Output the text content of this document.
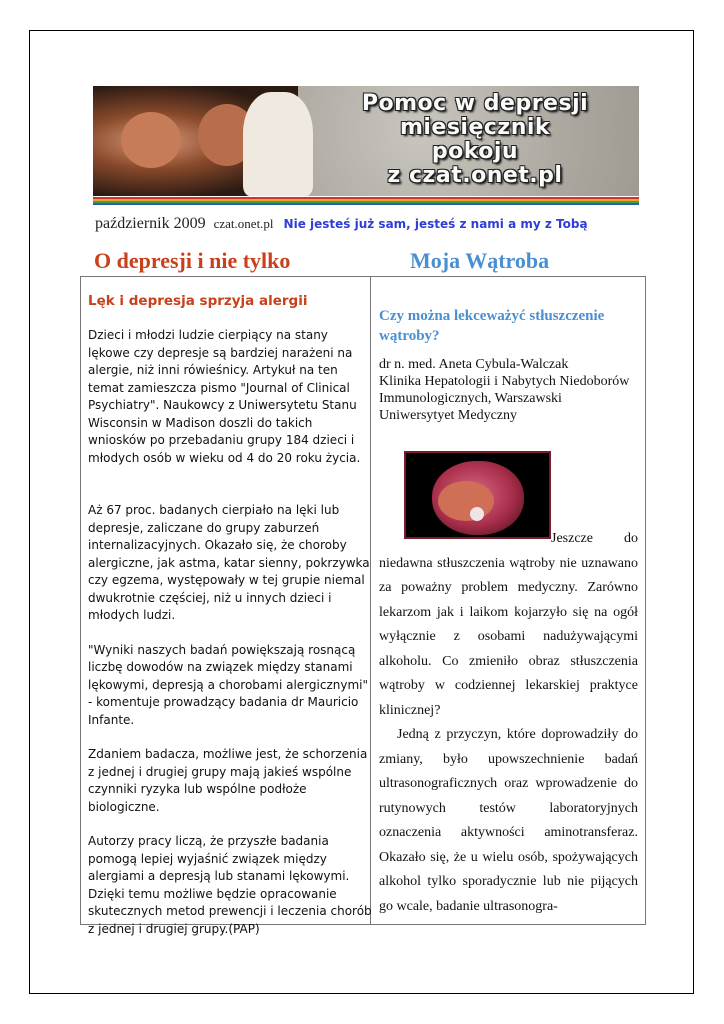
Pomoc w depresji
miesięcznik
pokoju
z czat.onet.pl
październik 2009 czat.onet.pl Nie jesteś już sam, jesteś z nami a my z Tobą
O depresji i nie tylko	Moja Wątroba
Lęk i depresja sprzyja alergii

Dzieci i młodzi ludzie cierpiący na stany lękowe czy depresje są bardziej narażeni na alergie, niż inni rówieśnicy. Artykuł na ten temat zamieszcza pismo "Journal of Clinical Psychiatry". Naukowcy z Uniwersytetu Stanu Wisconsin w Madison doszli do takich wniosków po przebadaniu grupy 184 dzieci i młodych osób w wieku od 4 do 20 roku życia.

Aż 67 proc. badanych cierpiało na lęki lub depresje, zaliczane do grupy zaburzeń internalizacyjnych. Okazało się, że choroby alergiczne, jak astma, katar sienny, pokrzywka czy egzema, występowały w tej grupie niemal dwukrotnie częściej, niż u innych dzieci i młodych ludzi.

"Wyniki naszych badań powiększają rosnącą liczbę dowodów na związek między stanami lękowymi, depresją a chorobami alergicznymi" - komentuje prowadzący badania dr Mauricio Infante.

Zdaniem badacza, możliwe jest, że schorzenia z jednej i drugiej grupy mają jakieś wspólne czynniki ryzyka lub wspólne podłoże biologiczne.

Autorzy pracy liczą, że przyszłe badania pomogą lepiej wyjaśnić związek między alergiami a depresją lub stanami lękowymi. Dzięki temu możliwe będzie opracowanie skutecznych metod prewencji i leczenia chorób z jednej i drugiej grupy.(PAP)

Czy można lekceważyć stłuszczenie wątroby?

dr n. med. Aneta Cybula-Walczak

Klinika Hepatologii i Nabytych Niedoborów Immunologicznych, Warszawski Uniwersytyet Medyczny

Jeszcze do niedawna stłuszczenia wątroby nie uznawano za poważny problem medyczny. Zarówno lekarzom jak i laikom kojarzyło się na ogół wyłącznie z osobami nadużywającymi alkoholu. Co zmieniło obraz stłuszczenia wątroby w codziennej lekarskiej praktyce klinicznej?

Jedną z przyczyn, które doprowadziły do zmiany, było upowszechnienie badań ultrasonograficznych oraz wprowadzenie do rutynowych testów laboratoryjnych oznaczenia aktywności aminotransferaz. Okazało się, że u wielu osób, spożywających alkohol tylko sporadycznie lub nie pijących go wcale, badanie ultrasonogra-
